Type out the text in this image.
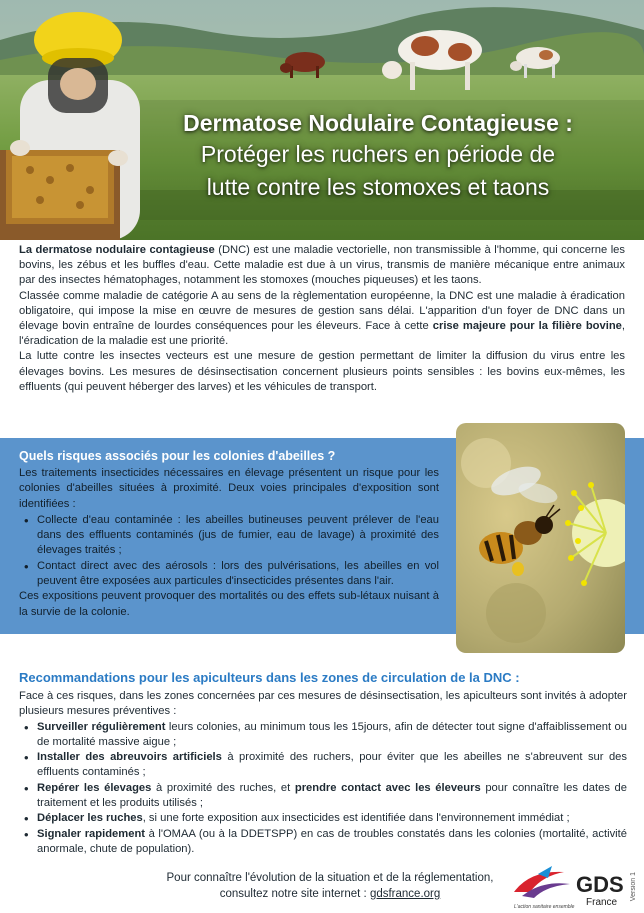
Dermatose Nodulaire Contagieuse :
Protéger les ruchers en période de
lutte contre les stomoxes et taons

La dermatose nodulaire contagieuse (DNC) est une maladie vectorielle, non transmissible à l'homme, qui concerne les bovins, les zébus et les buffles d'eau. Cette maladie est due à un virus, transmis de manière mécanique entre animaux par des insectes hématophages, notamment les stomoxes (mouches piqueuses) et les taons.

Classée comme maladie de catégorie A au sens de la règlementation européenne, la DNC est une maladie à éradication obligatoire, qui impose la mise en œuvre de mesures de gestion sans délai. L'apparition d'un foyer de DNC dans un élevage bovin entraîne de lourdes conséquences pour les éleveurs. Face à cette crise majeure pour la filière bovine, l'éradication de la maladie est une priorité.

La lutte contre les insectes vecteurs est une mesure de gestion permettant de limiter la diffusion du virus entre les élevages bovins. Les mesures de désinsectisation concernent plusieurs points sensibles : les bovins eux-mêmes, les effluents (qui peuvent héberger des larves) et les véhicules de transport.

Quels risques associés pour les colonies d'abeilles ?

Les traitements insecticides nécessaires en élevage présentent un risque pour les colonies d'abeilles situées à proximité. Deux voies principales d'exposition sont identifiées :

• Collecte d'eau contaminée : les abeilles butineuses peuvent prélever de l'eau dans des effluents contaminés (jus de fumier, eau de lavage) à proximité des élevages traités ;
• Contact direct avec des aérosols : lors des pulvérisations, les abeilles en vol peuvent être exposées aux particules d'insecticides présentes dans l'air.

Ces expositions peuvent provoquer des mortalités ou des effets sub-létaux nuisant à la survie de la colonie.

Recommandations pour les apiculteurs dans les zones de circulation de la DNC :

Face à ces risques, dans les zones concernées par ces mesures de désinsectisation, les apiculteurs sont invités à adopter plusieurs mesures préventives :

• Surveiller régulièrement leurs colonies, au minimum tous les 15jours, afin de détecter tout signe d'affaiblissement ou de mortalité massive aigue ;
• Installer des abreuvoirs artificiels à proximité des ruchers, pour éviter que les abeilles ne s'abreuvent sur des effluents contaminés ;
• Repérer les élevages à proximité des ruches, et prendre contact avec les éleveurs pour connaître les dates de traitement et les produits utilisés ;
• Déplacer les ruches, si une forte exposition aux insecticides est identifiée dans l'environnement immédiat ;
• Signaler rapidement à l'OMAA (ou à la DDETSPP) en cas de troubles constatés dans les colonies (mortalité, activité anormale, chute de population).
Pour connaître l'évolution de la situation et de la réglementation,
consultez notre site internet : gdsfrance.org	GDS
France
L'action sanitaire ensemble
Version 1
